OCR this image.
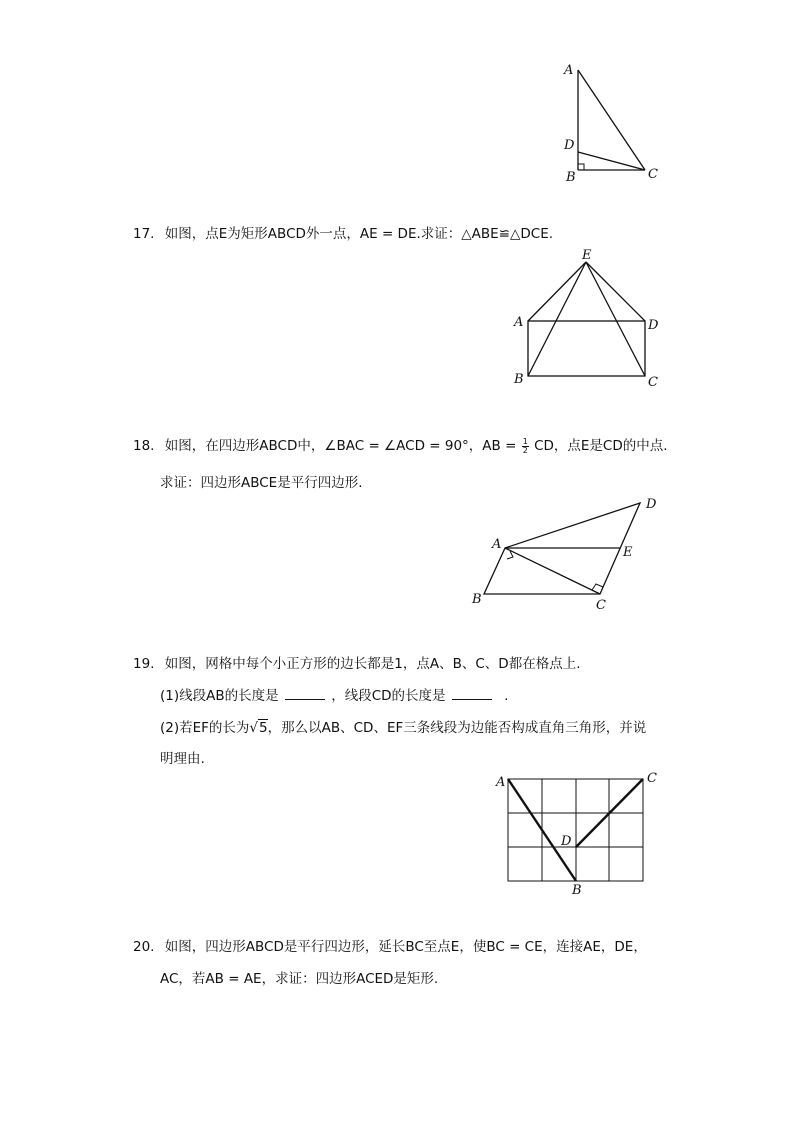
A
D
B	C
17. 如图，点E为矩形ABCD外一点，AE = DE.求证：△ABE≌△DCE.
E
A	D
B	C
18. 如图，在四边形ABCD中，∠BAC = ∠ACD = 90°，AB = $\frac{1}{2}$ CD，点E是CD的中点.
求证：四边形ABCE是平行四边形.
D
A
E
B	C
19. 如图，网格中每个小正方形的边长都是1，点A、B、C、D都在格点上.
(1)线段AB的长度是	，线段CD的长度是	.
(2)若EF的长为√5，那么以AB、CD、EF三条线段为边能否构成直角三角形，并说
明理由.
A	C
D
B
20. 如图，四边形ABCD是平行四边形，延长BC至点E，使BC = CE，连接AE，DE，
AC，若AB = AE，求证：四边形ACED是矩形.
